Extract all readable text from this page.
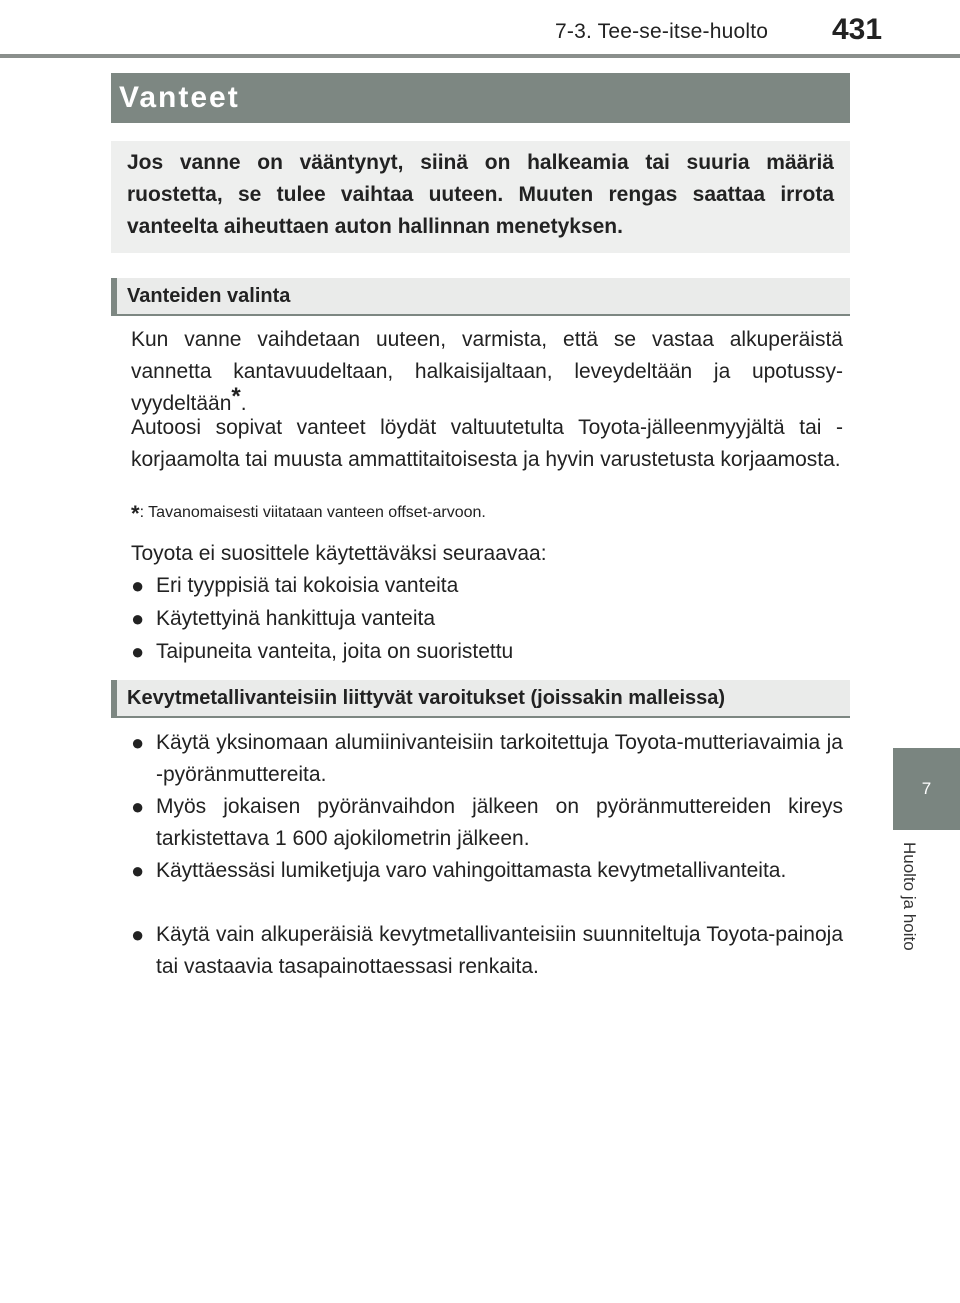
7-3. Tee-se-itse-huolto 431
7
Huolto ja hoito
Vanteet
Jos vanne on vääntynyt, siinä on halkeamia tai suuria määriä ruostetta, se tulee vaihtaa uuteen. Muuten rengas saattaa irrota vanteelta aiheuttaen auton hallinnan menetyksen.
Vanteiden valinta

Kun vanne vaihdetaan uuteen, varmista, että se vastaa alkuperäistä vannetta kantavuudeltaan, halkaisijaltaan, leveydeltään ja upotussyvyydeltään*.

Autoosi sopivat vanteet löydät valtuutetulta Toyota-jälleenmyyjältä tai -korjaamolta tai muusta ammattitaitoisesta ja hyvin varustetusta korjaamosta.

*: Tavanomaisesti viitataan vanteen offset-arvoon.

Toyota ei suosittele käytettäväksi seuraavaa:

● Eri tyyppisiä tai kokoisia vanteita
● Käytettyinä hankittuja vanteita
● Taipuneita vanteita, joita on suoristettu
Kevytmetallivanteisiin liittyvät varoitukset (joissakin malleissa)
● Käytä yksinomaan alumiinivanteisiin tarkoitettuja Toyota-mutteriavaimia ja -pyöränmuttereita.
● Myös jokaisen pyöränvaihdon jälkeen on pyöränmuttereiden kireys tarkistettava 1 600 ajokilometrin jälkeen.
● Käyttäessäsi lumiketjuja varo vahingoittamasta kevytmetallivanteita.
● Käytä vain alkuperäisiä kevytmetallivanteisiin suunniteltuja Toyota-painoja tai vastaavia tasapainottaessasi renkaita.
